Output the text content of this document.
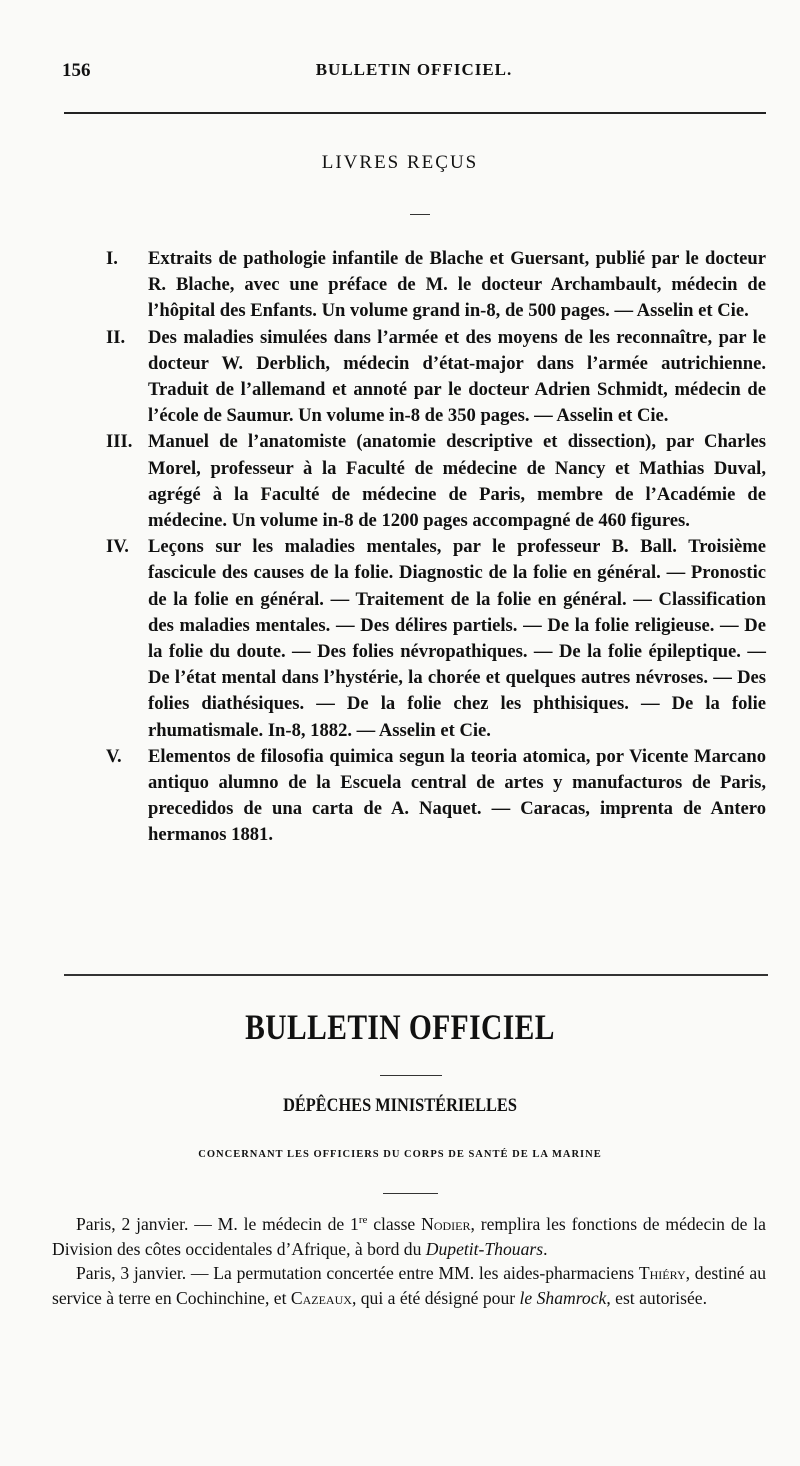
156	BULLETIN OFFICIEL.
LIVRES REÇUS
I. Extraits de pathologie infantile de Blache et Guersant, publié par le docteur R. Blache, avec une préface de M. le docteur Archambault, médecin de l’hôpital des Enfants. Un volume grand in-8, de 500 pages. — Asselin et Cie.
II. Des maladies simulées dans l’armée et des moyens de les reconnaître, par le docteur W. Derblich, médecin d’état-major dans l’armée autrichienne. Traduit de l’allemand et annoté par le docteur Adrien Schmidt, médecin de l’école de Saumur. Un volume in-8 de 350 pages. — Asselin et Cie.
III. Manuel de l’anatomiste (anatomie descriptive et dissection), par Charles Morel, professeur à la Faculté de médecine de Nancy et Mathias Duval, agrégé à la Faculté de médecine de Paris, membre de l’Académie de médecine. Un volume in-8 de 1200 pages accompagné de 460 figures.
IV. Leçons sur les maladies mentales, par le professeur B. Ball. Troisième fascicule des causes de la folie. Diagnostic de la folie en général. — Pronostic de la folie en général. — Traitement de la folie en général. — Classification des maladies mentales. — Des délires partiels. — De la folie religieuse. — De la folie du doute. — Des folies névropathiques. — De la folie épileptique. — De l’état mental dans l’hystérie, la chorée et quelques autres névroses. — Des folies diathésiques. — De la folie chez les phthisiques. — De la folie rhumatismale. In-8, 1882. — Asselin et Cie.
V. Elementos de filosofia quimica segun la teoria atomica, por Vicente Marcano antiquo alumno de la Escuela central de artes y manufacturos de Paris, precedidos de una carta de A. Naquet. — Caracas, imprenta de Antero hermanos 1881.
BULLETIN OFFICIEL
DÉPÊCHES MINISTÉRIELLES
CONCERNANT LES OFFICIERS DU CORPS DE SANTÉ DE LA MARINE

Paris, 2 janvier. — M. le médecin de 1re classe Nodier, remplira les fonctions de médecin de la Division des côtes occidentales d’Afrique, à bord du Dupetit-Thouars.

Paris, 3 janvier. — La permutation concertée entre MM. les aides-pharmaciens Thiéry, destiné au service à terre en Cochinchine, et Cazeaux, qui a été désigné pour le Shamrock, est autorisée.
